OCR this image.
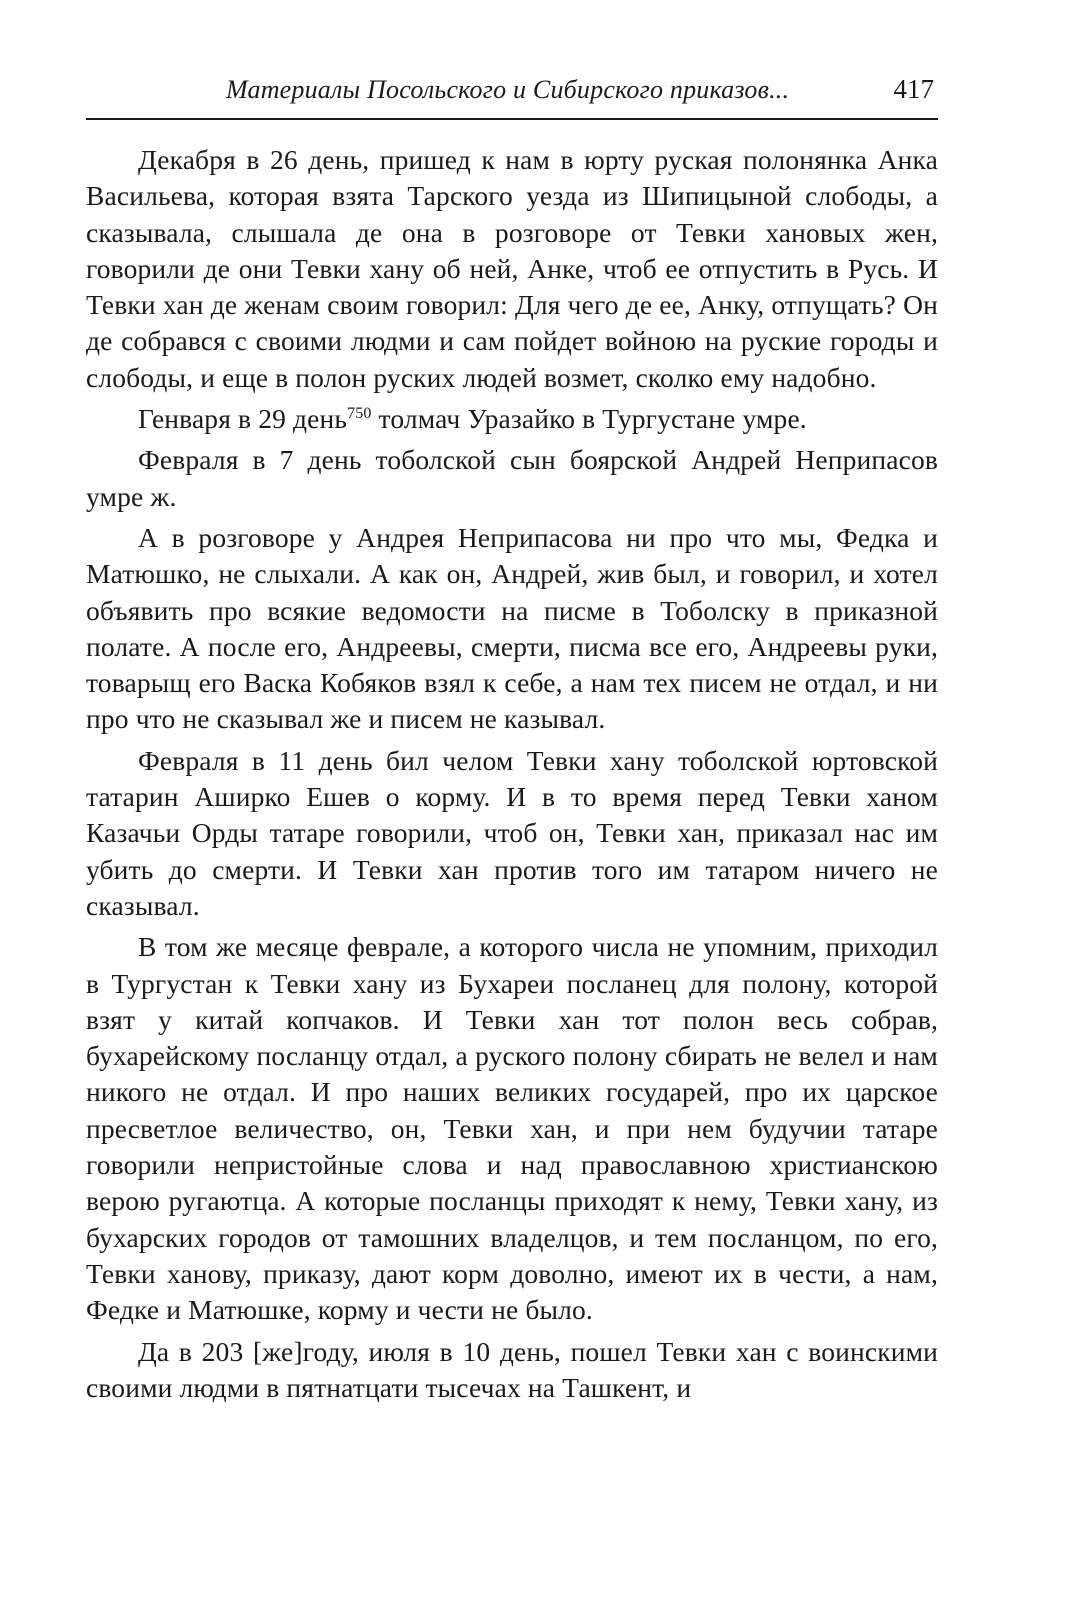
Материалы Посольского и Сибирского приказов...	417

Декабря в 26 день, пришед к нам в юрту руская полонянка Анка Васильева, которая взята Тарского уезда из Шипицыной слободы, а сказывала, слышала де она в розговоре от Тевки хановых жен, говорили де они Тевки хану об ней, Анке, чтоб ее отпустить в Русь. И Тевки хан де женам своим говорил: Для чего де ее, Анку, отпущать? Он де собрався с своими людми и сам пойдет войною на руские городы и слободы, и еще в полон руских людей возмет, сколко ему надобно.

Генваря в 29 день$^{750}$ толмач Уразайко в Тургустане умре.

Февраля в 7 день тоболской сын боярской Андрей Неприпасов умре ж.

А в розговоре у Андрея Неприпасова ни про что мы, Федка и Матюшко, не слыхали. А как он, Андрей, жив был, и говорил, и хотел объявить про всякие ведомости на писме в Тоболску в приказной полате. А после его, Андреевы, смерти, писма все его, Андреевы руки, товарыщ его Васка Кобяков взял к себе, а нам тех писем не отдал, и ни про что не сказывал же и писем не казывал.

Февраля в 11 день бил челом Тевки хану тоболской юртовской татарин Аширко Ешев о корму. И в то время перед Тевки ханом Казачьи Орды татаре говорили, чтоб он, Тевки хан, приказал нас им убить до смерти. И Тевки хан против того им татаром ничего не сказывал.

В том же месяце феврале, а которого числа не упомним, приходил в Тургустан к Тевки хану из Бухареи посланец для полону, которой взят у китай копчаков. И Тевки хан тот полон весь собрав, бухарейскому посланцу отдал, а руского полону сбирать не велел и нам никого не отдал. И про наших великих государей, про их царское пресветлое величество, он, Тевки хан, и при нем будучии татаре говорили непристойные слова и над православною христианскою верою ругаютца. А которые посланцы приходят к нему, Тевки хану, из бухарских городов от тамошних владелцов, и тем посланцом, по его, Тевки ханову, приказу, дают корм доволно, имеют их в чести, а нам, Федке и Матюшке, корму и чести не было.

Да в 203 [же]году, июля в 10 день, пошел Тевки хан с воинскими своими людми в пятнатцати тысечах на Ташкент, и
